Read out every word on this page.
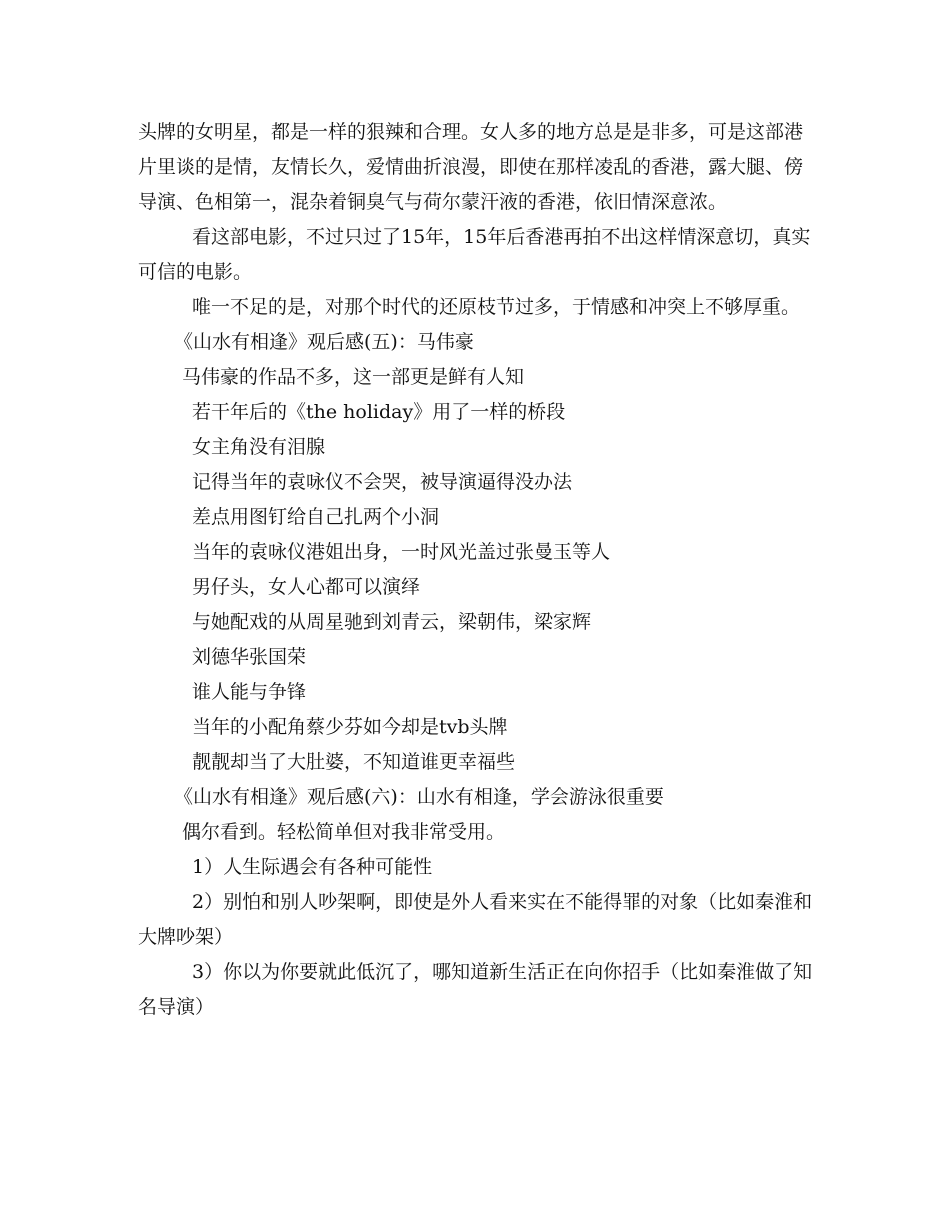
头牌的女明星，都是一样的狠辣和合理。女人多的地方总是是非多，可是这部港片里谈的是情，友情长久，爱情曲折浪漫，即使在那样凌乱的香港，露大腿、傍导演、色相第一，混杂着铜臭气与荷尔蒙汗液的香港，依旧情深意浓。

看这部电影，不过只过了15年，15年后香港再拍不出这样情深意切，真实可信的电影。

唯一不足的是，对那个时代的还原枝节过多，于情感和冲突上不够厚重。

《山水有相逢》观后感(五)：马伟豪

马伟豪的作品不多，这一部更是鲜有人知

若干年后的《the holiday》用了一样的桥段

女主角没有泪腺

记得当年的袁咏仪不会哭，被导演逼得没办法

差点用图钉给自己扎两个小洞

当年的袁咏仪港姐出身，一时风光盖过张曼玉等人

男仔头，女人心都可以演绎

与她配戏的从周星驰到刘青云，梁朝伟，梁家辉

刘德华张国荣

谁人能与争锋

当年的小配角蔡少芬如今却是tvb头牌

靓靓却当了大肚婆，不知道谁更幸福些

《山水有相逢》观后感(六)：山水有相逢，学会游泳很重要

偶尔看到。轻松简单但对我非常受用。

1）人生际遇会有各种可能性

2）别怕和别人吵架啊，即使是外人看来实在不能得罪的对象（比如秦淮和大牌吵架）

3）你以为你要就此低沉了，哪知道新生活正在向你招手（比如秦淮做了知名导演）
